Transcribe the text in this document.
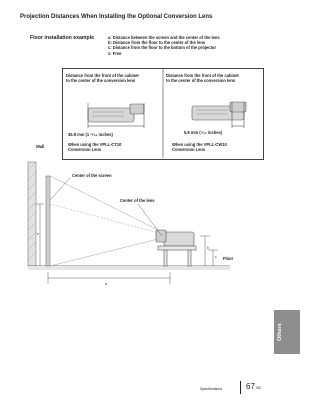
Projection Distances When Installing the Optional Conversion Lens
Floor installation example	a: Distance between the screen and the center of the lens
b: Distance from the floor to the center of the lens
c: Distance from the floor to the bottom of the projector
x: Free
Distance from the front of the cabinet
to the center of the conversion lens
Distance from the front of the cabinet
to the center of the conversion lens
35.8 mm (1 ¹³⁄₃₂ inches)	5.8 mm (⁷⁄₃₂ inches)
When using the VPLL-CT10
Conversion Lens
When using the VPLL-CW10
Conversion Lens
Wall
Center of the screen
Center of the lens
Floor
a
b
c
x
Others
Specifications	67 GB
